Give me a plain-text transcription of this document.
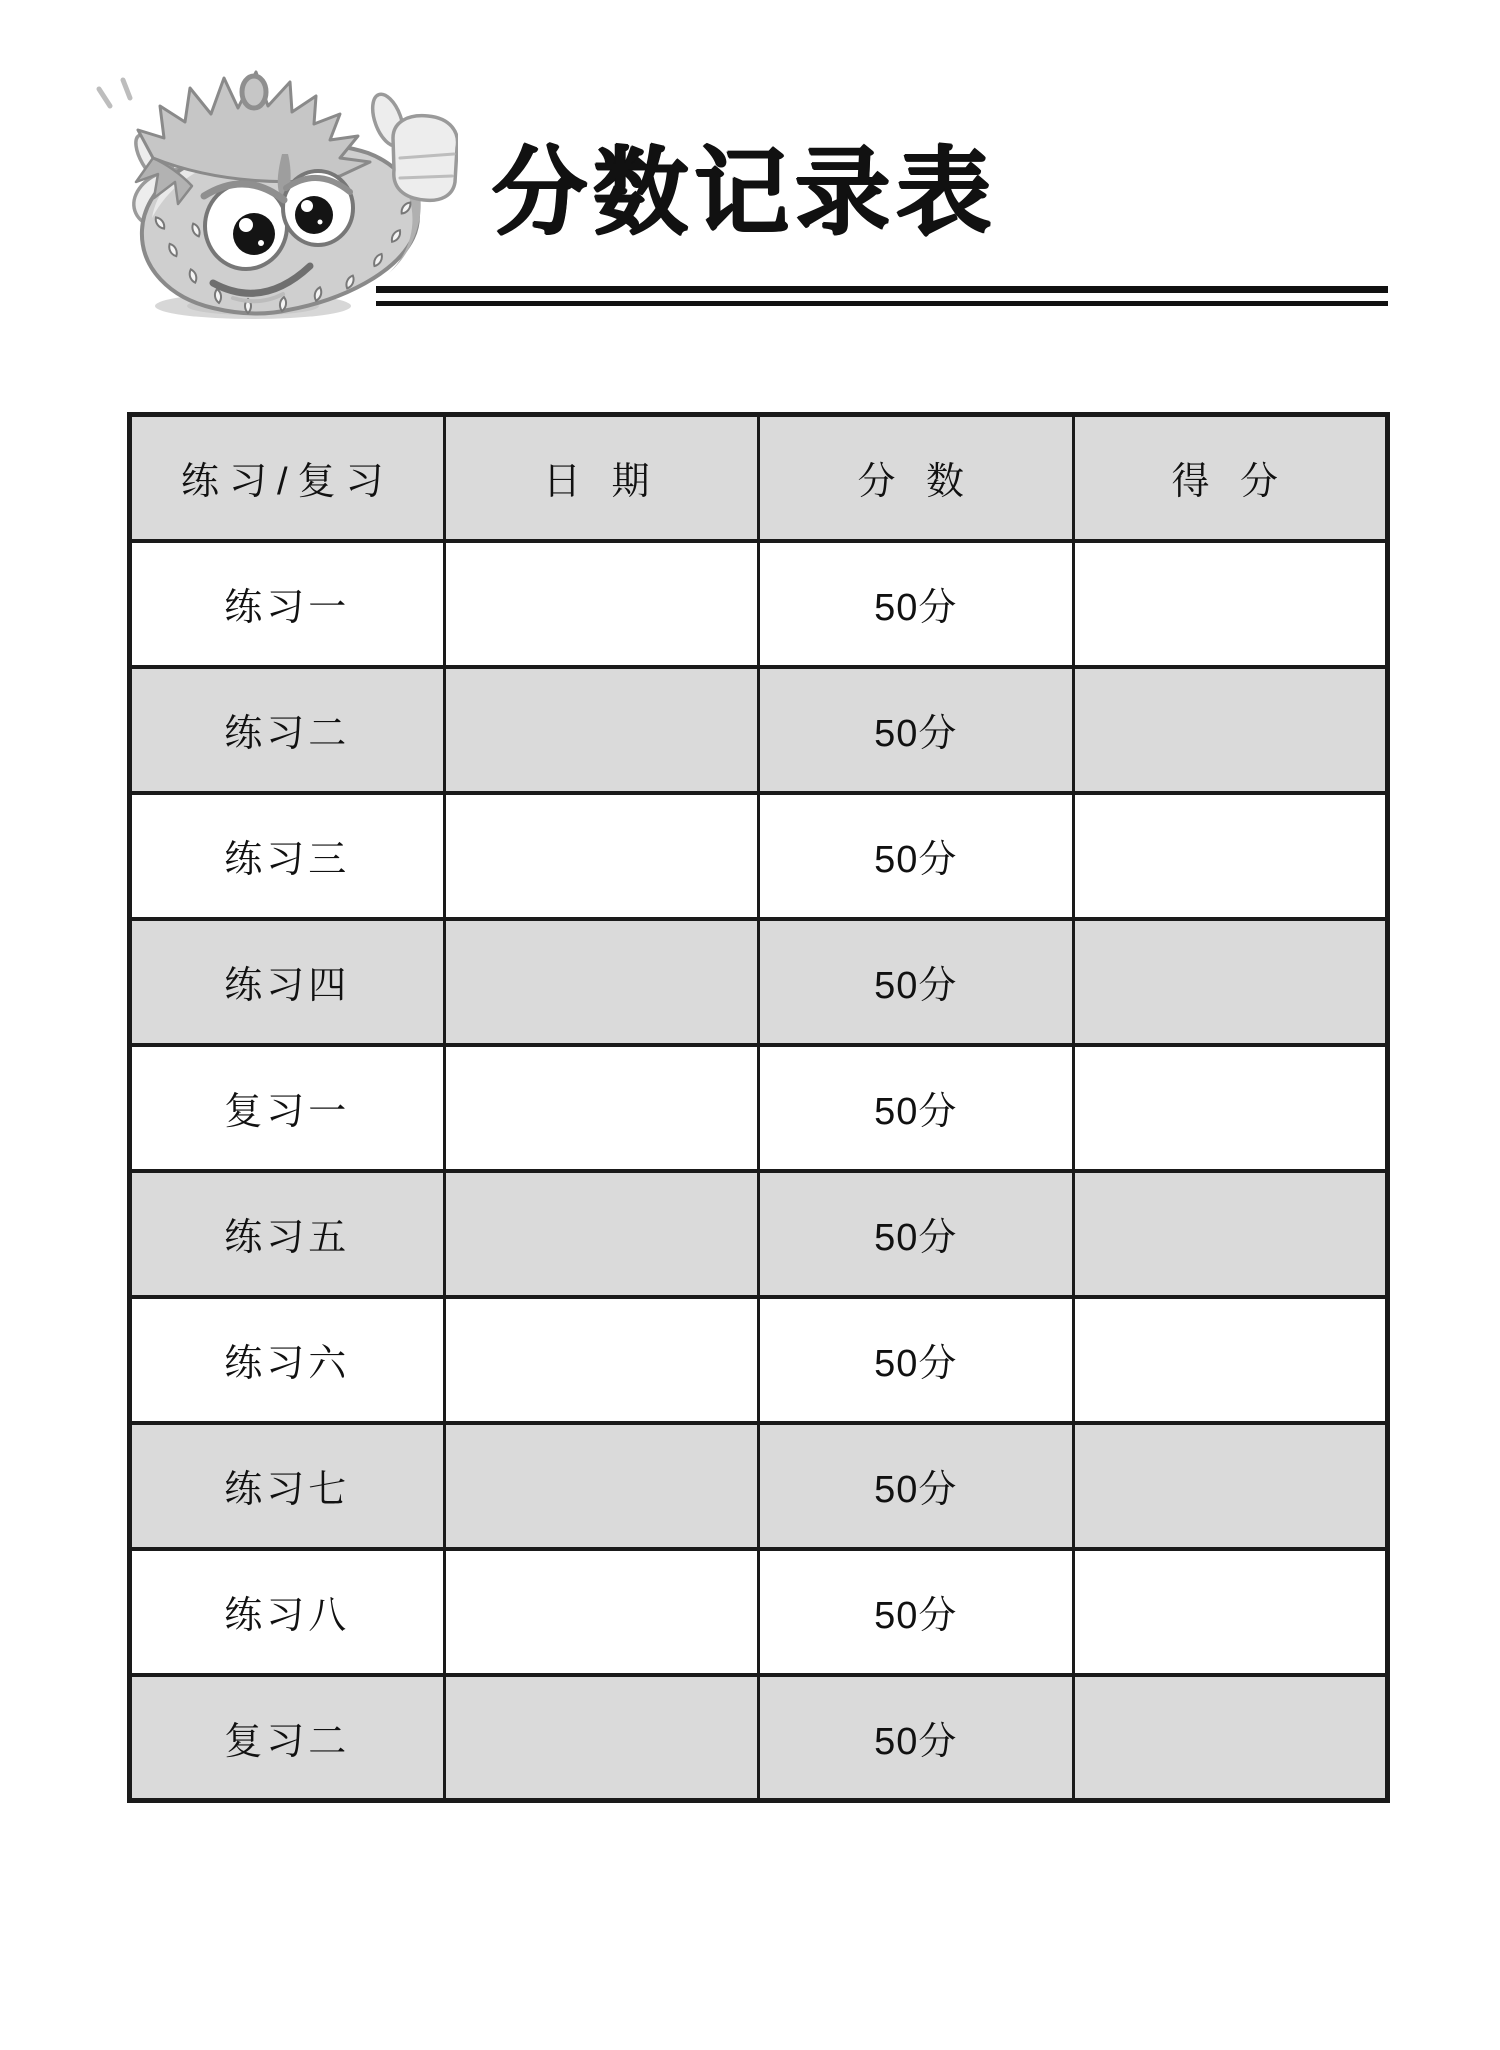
分数记录表
练习/复习	日 期	分 数	得 分
练习一		50分	
练习二		50分	
练习三		50分	
练习四		50分	
复习一		50分	
练习五		50分	
练习六		50分	
练习七		50分	
练习八		50分	
复习二		50分	
